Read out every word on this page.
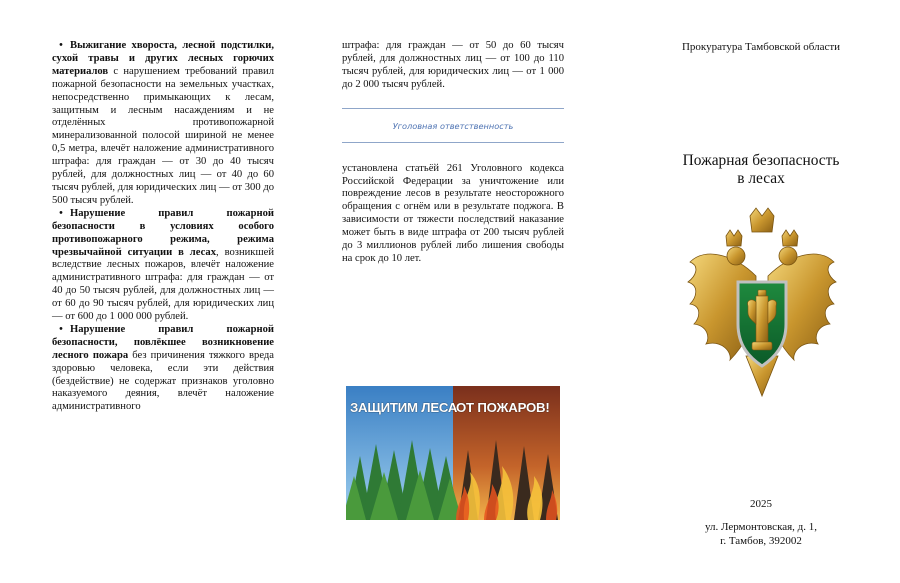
• Выжигание хвороста, лесной подстилки, сухой травы и других лесных горючих материалов с нарушением требований правил пожарной безопасности на земельных участках, непосредственно примыкающих к лесам, защитным и лесным насаждениям и не отделённых противопожарной минерализованной полосой шириной не менее 0,5 метра, влечёт наложение административного штрафа: для граждан — от 30 до 40 тысяч рублей, для должностных лиц — от 40 до 60 тысяч рублей, для юридических лиц — от 300 до 500 тысяч рублей.

• Нарушение правил пожарной безопасности в условиях особого противопожарного режима, режима чрезвычайной ситуации в лесах, возникшей вследствие лесных пожаров, влечёт наложение административного штрафа: для граждан — от 40 до 50 тысяч рублей, для должностных лиц — от 60 до 90 тысяч рублей, для юридических лиц — от 600 до 1 000 000 рублей.

• Нарушение правил пожарной безопасности, повлёкшее возникновение лесного пожара без причинения тяжкого вреда здоровью человека, если эти действия (бездействие) не содержат признаков уголовно наказуемого деяния, влечёт наложение административного

штрафа: для граждан — от 50 до 60 тысяч рублей, для должностных лиц — от 100 до 110 тысяч рублей, для юридических лиц — от 1 000 до 2 000 тысяч рублей.

Уголовная ответственность

установлена статьёй 261 Уголовного кодекса Российской Федерации за уничтожение или повреждение лесов в результате неосторожного обращения с огнём или в результате поджога. В зависимости от тяжести последствий наказание может быть в виде штрафа от 200 тысяч рублей до 3 миллионов рублей либо лишения свободы на срок до 10 лет.

ЗАЩИТИМ ЛЕСА
ОТ ПОЖАРОВ!

Прокуратура Тамбовской области

Пожарная безопасность

в лесах

2025
ул. Лермонтовская, д. 1,
г. Тамбов, 392002
